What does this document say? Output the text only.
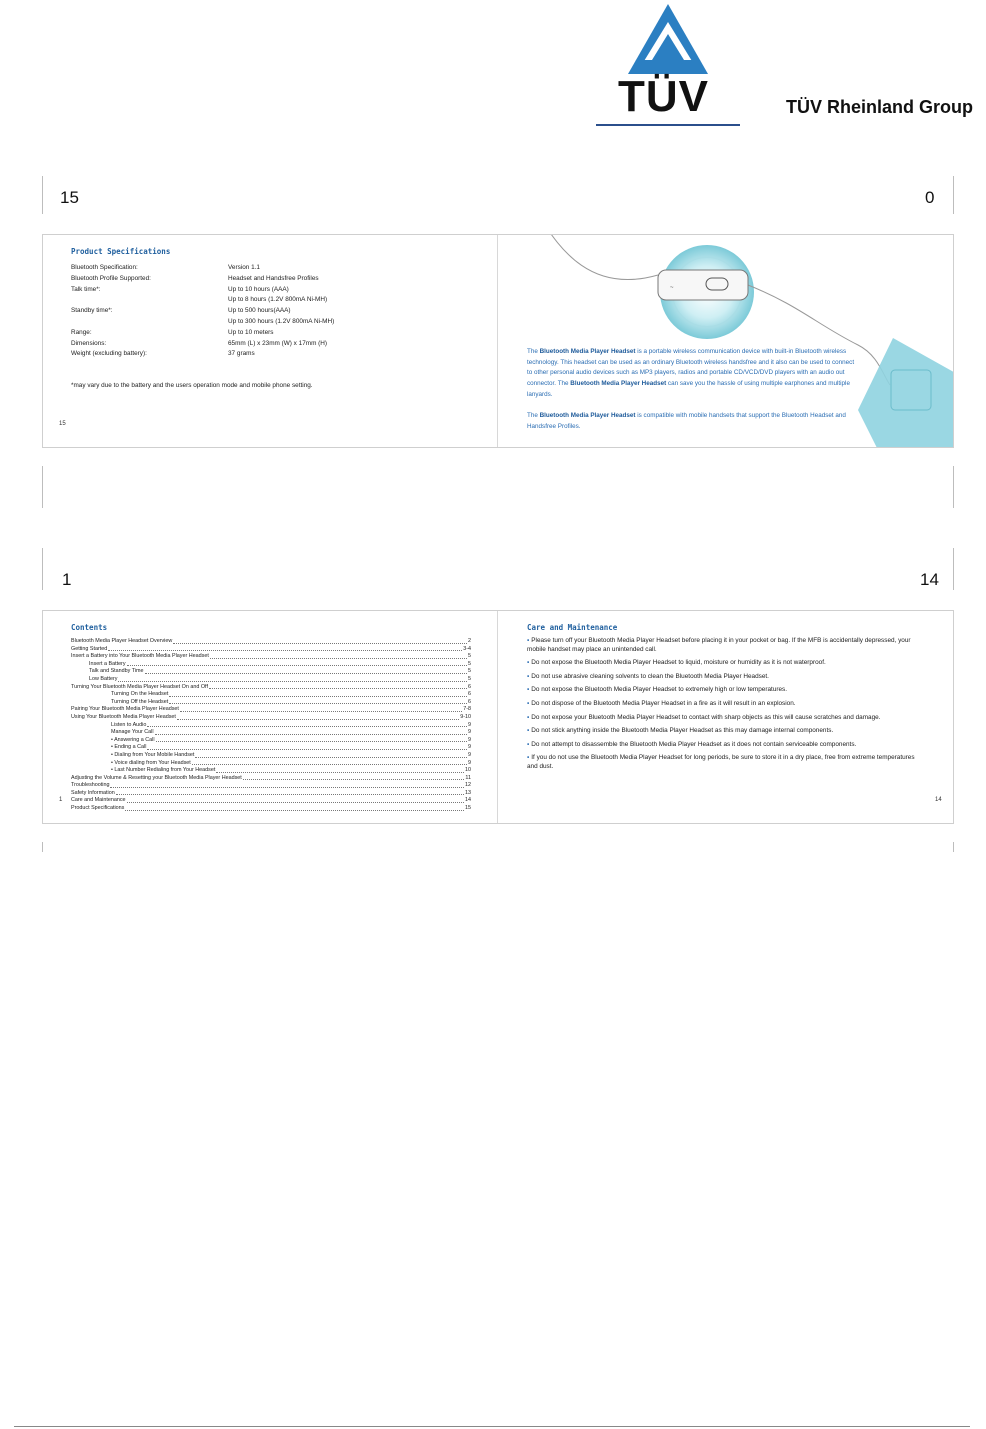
TÜV	TÜV Rheinland Group
15	0
Product Specifications
Bluetooth Specification:	Version 1.1
Bluetooth Profile Supported:	Headset and Handsfree Profiles
Talk time*:	Up to 10 hours (AAA)
Up to 8 hours (1.2V 800mA Ni-MH)
Standby time*:	Up to 500 hours(AAA)
Up to 300 hours (1.2V 800mA Ni-MH)
Range:	Up to 10 meters
Dimensions:	65mm (L) x 23mm (W) x 17mm (H)
Weight (excluding battery):	37 grams
*may vary due to the battery and the users operation mode and mobile phone setting.
15
~
The Bluetooth Media Player Headset is a portable wireless communication device with built-in Bluetooth wireless technology. This headset can be used as an ordinary Bluetooth wireless handsfree and it also can be used to connect to other personal audio devices such as MP3 players, radios and portable CD/VCD/DVD players with an audio out connector. The Bluetooth Media Player Headset can save you the hassle of using multiple earphones and multiple lanyards.
The Bluetooth Media Player Headset is compatible with mobile handsets that support the Bluetooth Headset and Handsfree Profiles.
1	14
Contents
Bluetooth Media Player Headset Overview	2
Getting Started	3-4
Insert a Battery into Your Bluetooth Media Player Headset	5
Insert a Battery	5
Talk and Standby Time	5
Low Battery	5
Turning Your Bluetooth Media Player Headset On and Off	6
Turning On the Headset	6
Turning Off the Headset	6
Pairing Your Bluetooth Media Player Headset	7-8
Using Your Bluetooth Media Player Headset	9-10
Listen to Audio	9
Manage Your Call	9
• Answering a Call	9
• Ending a Call	9
• Dialing from Your Mobile Handset	9
• Voice dialing from Your Headset	9
• Last Number Redialing from Your Headset	10
Adjusting the Volume & Resetting your Bluetooth Media Player Headset	11
Troubleshooting	12
Safety Information	13
Care and Maintenance	14
Product Specifications	15
1
Care and Maintenance
▪ Please turn off your Bluetooth Media Player Headset before placing it in your pocket or bag. If the MFB is accidentally depressed, your mobile handset may place an unintended call.
▪ Do not expose the Bluetooth Media Player Headset to liquid, moisture or humidity as it is not waterproof.
▪ Do not use abrasive cleaning solvents to clean the Bluetooth Media Player Headset.
▪ Do not expose the Bluetooth Media Player Headset to extremely high or low temperatures.
▪ Do not dispose of the Bluetooth Media Player Headset in a fire as it will result in an explosion.
▪ Do not expose your Bluetooth Media Player Headset to contact with sharp objects as this will cause scratches and damage.
▪ Do not stick anything inside the Bluetooth Media Player Headset as this may damage internal components.
▪ Do not attempt to disassemble the Bluetooth Media Player Headset as it does not contain serviceable components.
▪ If you do not use the Bluetooth Media Player Headset for long periods, be sure to store it in a dry place, free from extreme temperatures and dust.
14
